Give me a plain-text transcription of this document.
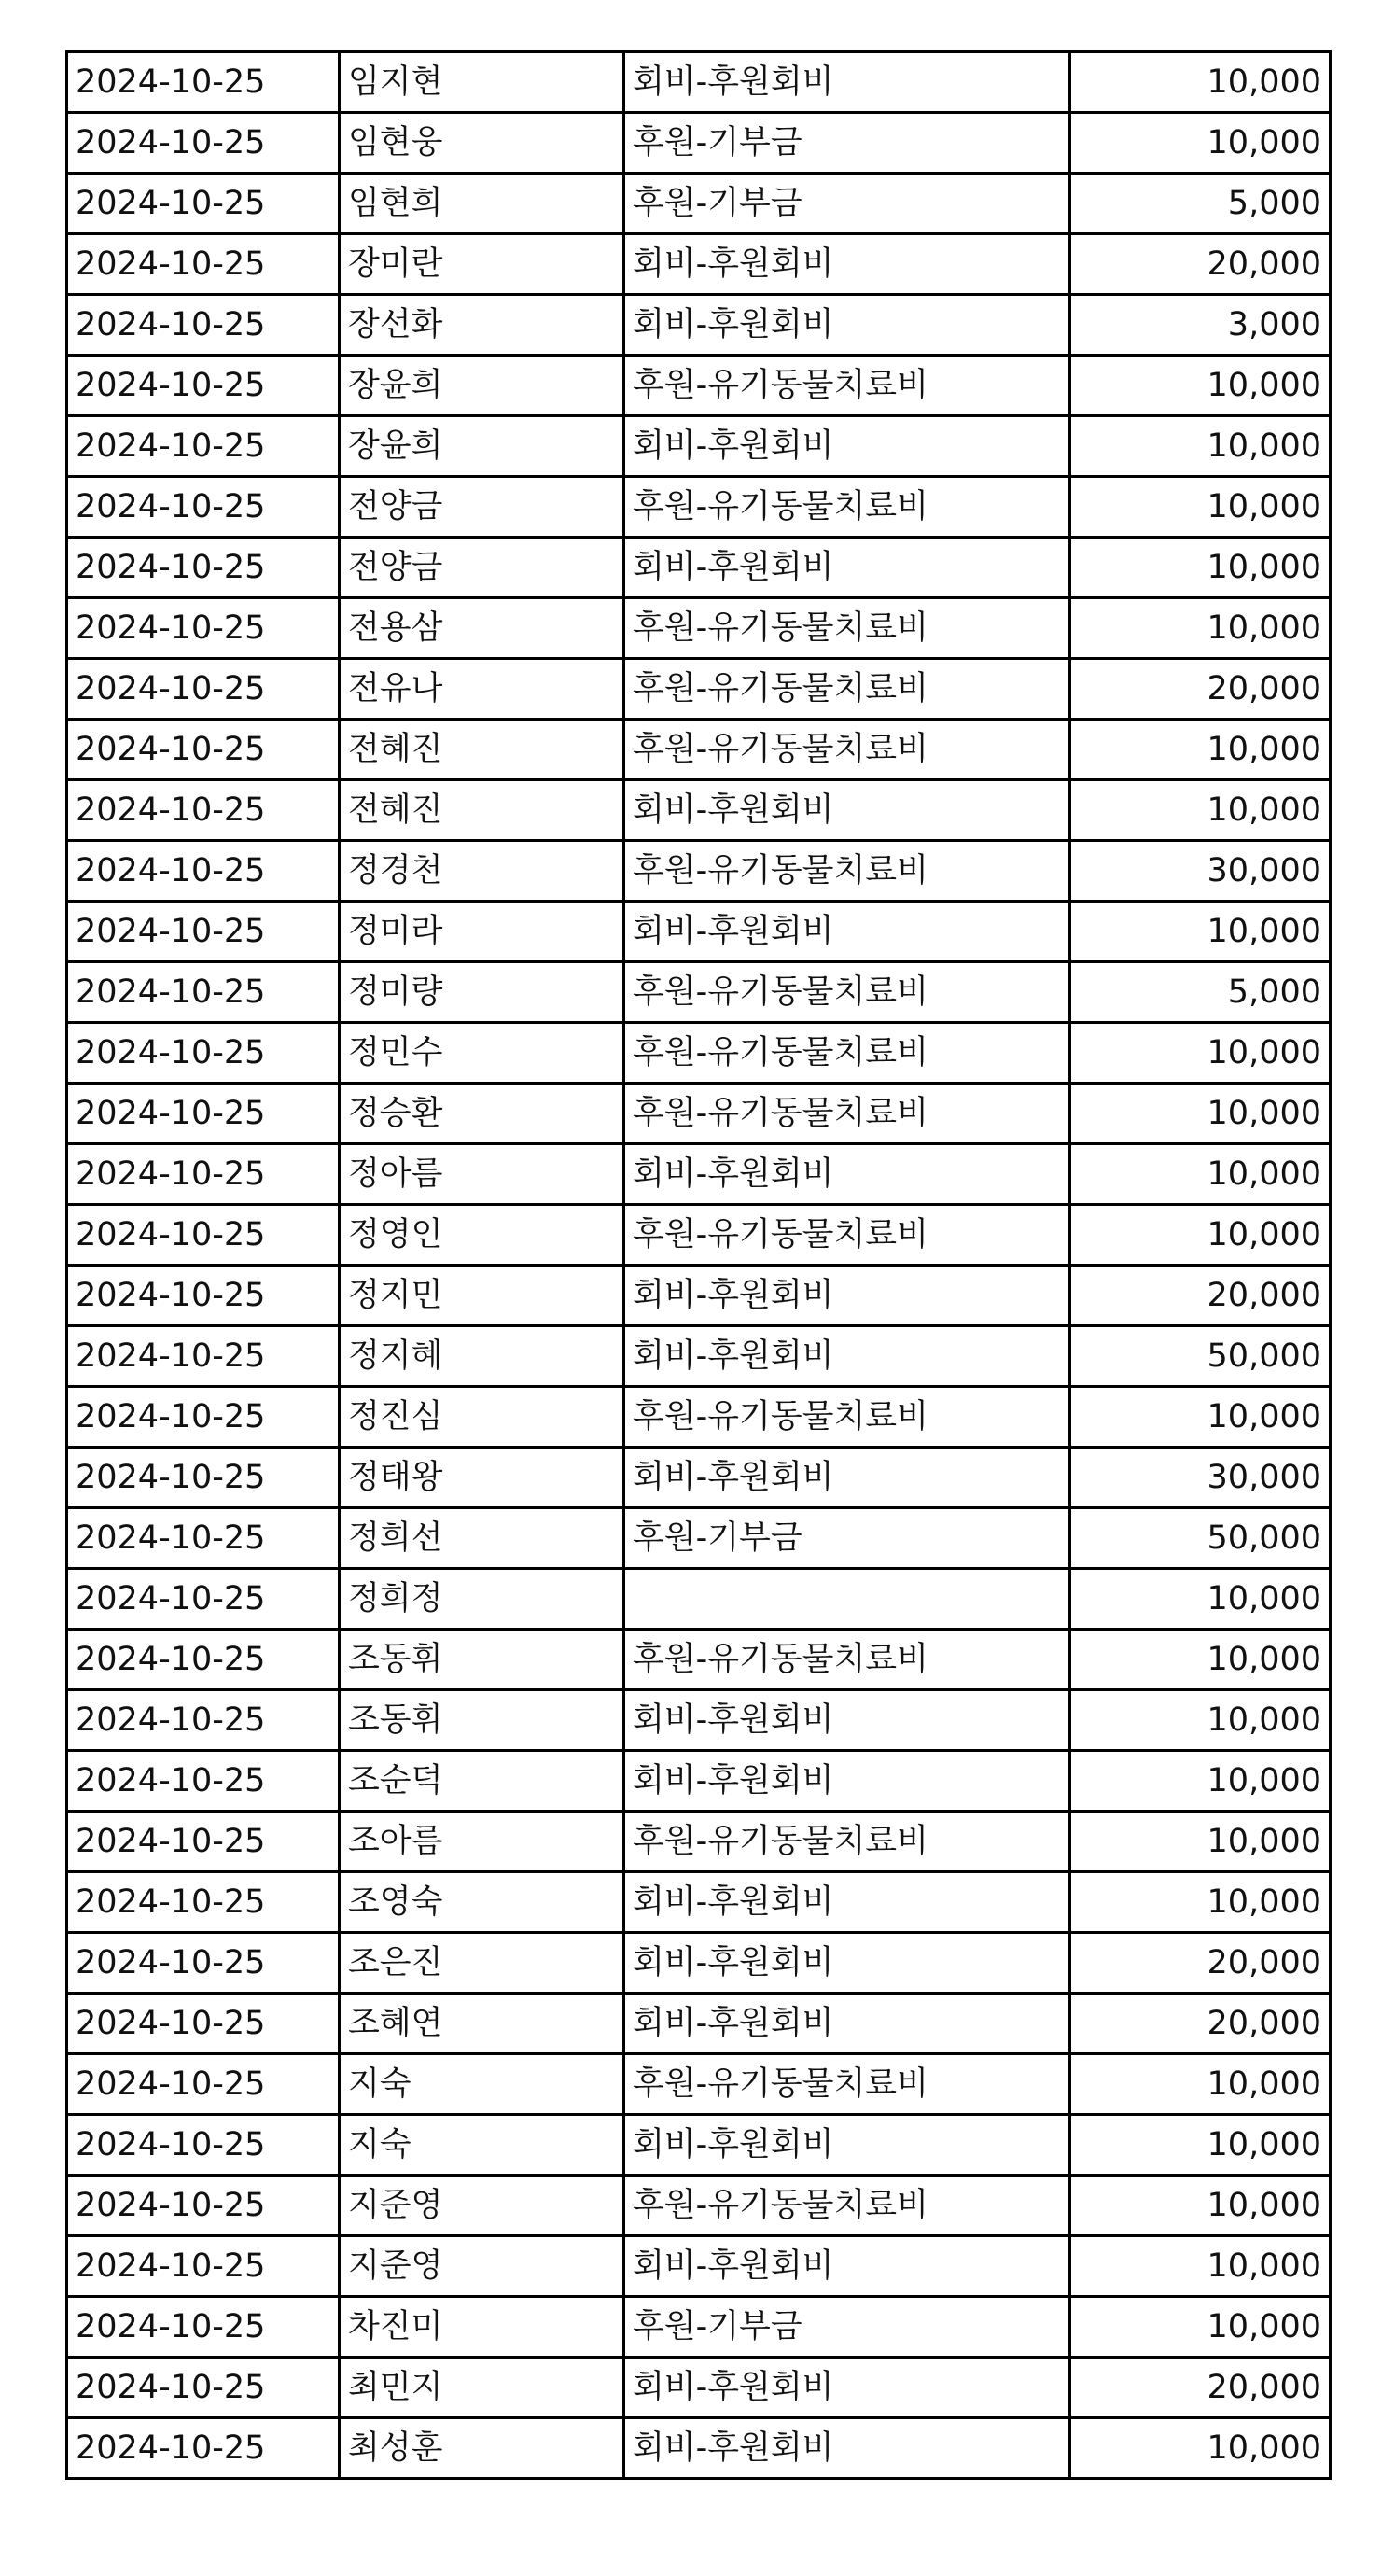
2024-10-25	임지현	회비-후원회비	10,000
2024-10-25	임현웅	후원-기부금	10,000
2024-10-25	임현희	후원-기부금	5,000
2024-10-25	장미란	회비-후원회비	20,000
2024-10-25	장선화	회비-후원회비	3,000
2024-10-25	장윤희	후원-유기동물치료비	10,000
2024-10-25	장윤희	회비-후원회비	10,000
2024-10-25	전양금	후원-유기동물치료비	10,000
2024-10-25	전양금	회비-후원회비	10,000
2024-10-25	전용삼	후원-유기동물치료비	10,000
2024-10-25	전유나	후원-유기동물치료비	20,000
2024-10-25	전혜진	후원-유기동물치료비	10,000
2024-10-25	전혜진	회비-후원회비	10,000
2024-10-25	정경천	후원-유기동물치료비	30,000
2024-10-25	정미라	회비-후원회비	10,000
2024-10-25	정미량	후원-유기동물치료비	5,000
2024-10-25	정민수	후원-유기동물치료비	10,000
2024-10-25	정승환	후원-유기동물치료비	10,000
2024-10-25	정아름	회비-후원회비	10,000
2024-10-25	정영인	후원-유기동물치료비	10,000
2024-10-25	정지민	회비-후원회비	20,000
2024-10-25	정지혜	회비-후원회비	50,000
2024-10-25	정진심	후원-유기동물치료비	10,000
2024-10-25	정태왕	회비-후원회비	30,000
2024-10-25	정희선	후원-기부금	50,000
2024-10-25	정희정		10,000
2024-10-25	조동휘	후원-유기동물치료비	10,000
2024-10-25	조동휘	회비-후원회비	10,000
2024-10-25	조순덕	회비-후원회비	10,000
2024-10-25	조아름	후원-유기동물치료비	10,000
2024-10-25	조영숙	회비-후원회비	10,000
2024-10-25	조은진	회비-후원회비	20,000
2024-10-25	조혜연	회비-후원회비	20,000
2024-10-25	지숙	후원-유기동물치료비	10,000
2024-10-25	지숙	회비-후원회비	10,000
2024-10-25	지준영	후원-유기동물치료비	10,000
2024-10-25	지준영	회비-후원회비	10,000
2024-10-25	차진미	후원-기부금	10,000
2024-10-25	최민지	회비-후원회비	20,000
2024-10-25	최성훈	회비-후원회비	10,000
